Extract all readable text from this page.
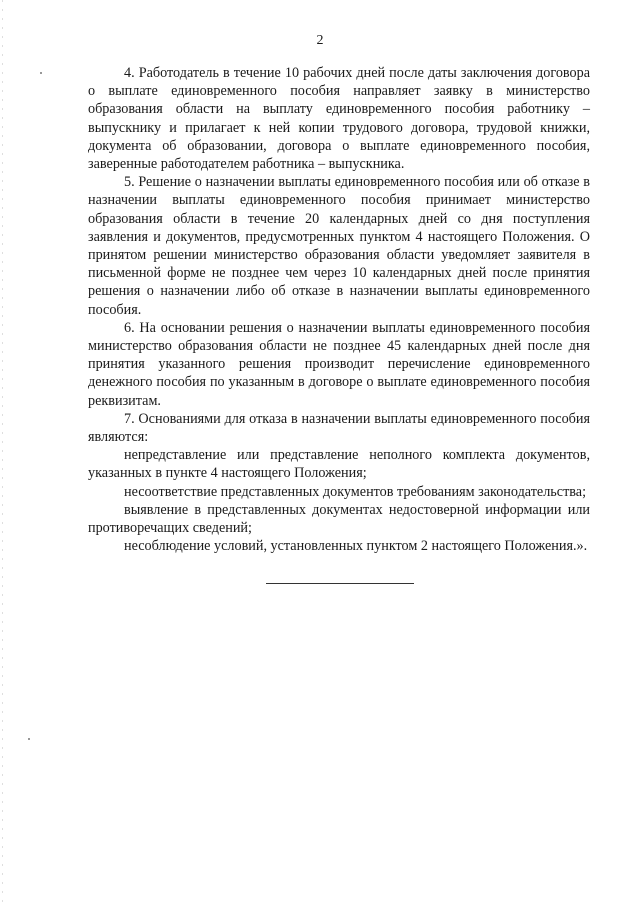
2

4. Работодатель в течение 10 рабочих дней после даты заключения договора о выплате единовременного пособия направляет заявку в министерство образования области на выплату единовременного пособия работнику – выпускнику и прилагает к ней копии трудового договора, трудовой книжки, документа об образовании, договора о выплате единовременного пособия, заверенные работодателем работника – выпускника.

5. Решение о назначении выплаты единовременного пособия или об отказе в назначении выплаты единовременного пособия принимает министерство образования области в течение 20 календарных дней со дня поступления заявления и документов, предусмотренных пунктом 4 настоящего Положения. О принятом решении министерство образования области уведомляет заявителя в письменной форме не позднее чем через 10 календарных дней после принятия решения о назначении либо об отказе в назначении выплаты единовременного пособия.

6. На основании решения о назначении выплаты единовременного пособия министерство образования области не позднее 45 календарных дней после дня принятия указанного решения производит перечисление единовременного денежного пособия по указанным в договоре о выплате единовременного пособия реквизитам.

7. Основаниями для отказа в назначении выплаты единовременного пособия являются:

непредставление или представление неполного комплекта документов, указанных в пункте 4 настоящего Положения;

несоответствие представленных документов требованиям законодательства;

выявление в представленных документах недостоверной информации или противоречащих сведений;

несоблюдение условий, установленных пунктом 2 настоящего Положения.».
